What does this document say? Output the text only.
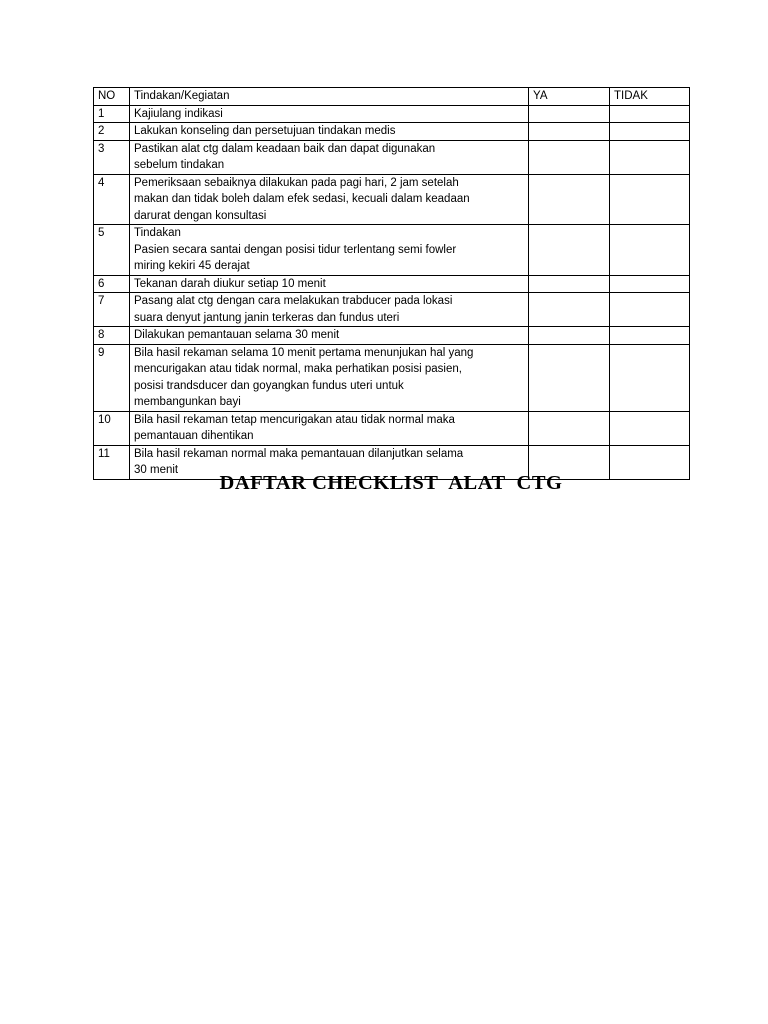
NO	Tindakan/Kegiatan	YA	TIDAK
1	Kajiulang indikasi		

2	Lakukan konseling dan persetujuan tindakan medis		

3	Pastikan alat ctg dalam keadaan baik dan dapat digunakan
sebelum tindakan		

4	Pemeriksaan sebaiknya dilakukan pada pagi hari, 2 jam setelah
makan dan tidak boleh dalam efek sedasi, kecuali dalam keadaan
darurat dengan konsultasi		

5	Tindakan
Pasien secara santai dengan posisi tidur terlentang semi fowler
miring kekiri 45 derajat		

6	Tekanan darah diukur setiap 10 menit		

7	Pasang alat ctg dengan cara melakukan trabducer pada lokasi
suara denyut jantung janin terkeras dan fundus uteri		

8	Dilakukan pemantauan selama 30 menit		

9	Bila hasil rekaman selama 10 menit pertama menunjukan hal yang
mencurigakan atau tidak normal, maka perhatikan posisi pasien,
posisi trandsducer dan goyangkan fundus uteri untuk
membangunkan bayi		

10	Bila hasil rekaman tetap mencurigakan atau tidak normal maka
pemantauan dihentikan		

11	Bila hasil rekaman normal maka pemantauan dilanjutkan selama
30 menit		

DAFTAR CHECKLIST  ALAT  CTG
